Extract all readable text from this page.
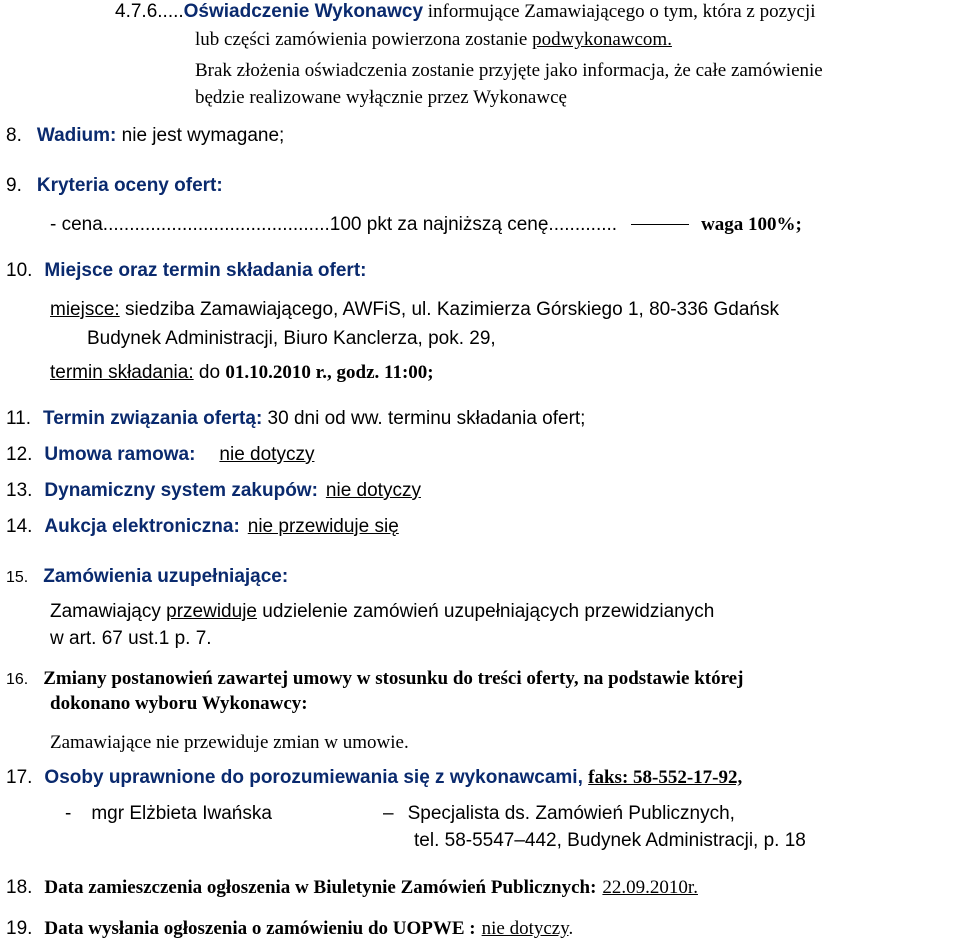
4.7.6.....Oświadczenie Wykonawcy informujące Zamawiającego o tym, która z pozycji
lub części zamówienia powierzona zostanie podwykonawcom.
Brak złożenia oświadczenia zostanie przyjęte jako informacja, że całe zamówienie
będzie realizowane wyłącznie przez Wykonawcę
8. Wadium: nie jest wymagane;
9. Kryteria oceny ofert:
- cena...........................................100 pkt za najniższą cenę.............	waga 100%;
10. Miejsce oraz termin składania ofert:
miejsce: siedziba Zamawiającego, AWFiS, ul. Kazimierza Górskiego 1, 80-336 Gdańsk
Budynek Administracji, Biuro Kanclerza, pok. 29,
termin składania: do 01.10.2010 r., godz. 11:00;
11. Termin związania ofertą: 30 dni od ww. terminu składania ofert;
12. Umowa ramowa: nie dotyczy
13. Dynamiczny system zakupów: nie dotyczy
14. Aukcja elektroniczna: nie przewiduje się
15. Zamówienia uzupełniające:
Zamawiający przewiduje udzielenie zamówień uzupełniających przewidzianych
w art. 67 ust.1 p. 7.
16. Zmiany postanowień zawartej umowy w stosunku do treści oferty, na podstawie której
dokonano wyboru Wykonawcy:
Zamawiające nie przewiduje zmian w umowie.
17. Osoby uprawnione do porozumiewania się z wykonawcami, faks: 58-552-17-92,
- mgr Elżbieta Iwańska	– Specjalista ds. Zamówień Publicznych,
tel. 58-5547–442, Budynek Administracji, p. 18
18. Data zamieszczenia ogłoszenia w Biuletynie Zamówień Publicznych: 22.09.2010r.
19. Data wysłania ogłoszenia o zamówieniu do UOPWE : nie dotyczy.
